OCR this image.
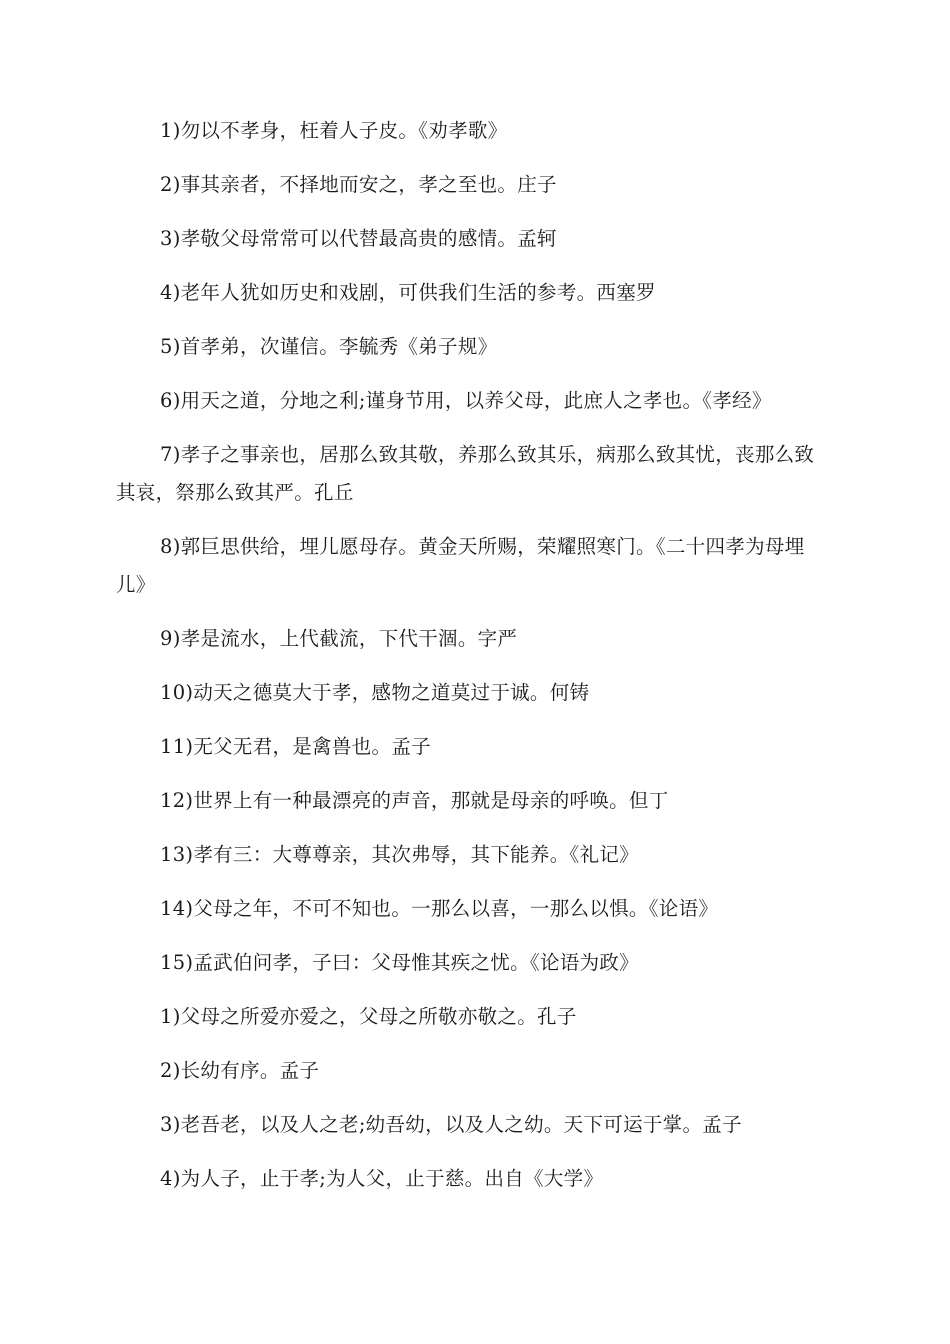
1)勿以不孝身，枉着人子皮。《劝孝歌》

2)事其亲者，不择地而安之，孝之至也。庄子

3)孝敬父母常常可以代替最高贵的感情。孟轲

4)老年人犹如历史和戏剧，可供我们生活的参考。西塞罗

5)首孝弟，次谨信。李毓秀《弟子规》

6)用天之道，分地之利;谨身节用，以养父母，此庶人之孝也。《孝经》

7)孝子之事亲也，居那么致其敬，养那么致其乐，病那么致其忧，丧那么致其哀，祭那么致其严。孔丘

8)郭巨思供给，埋儿愿母存。黄金天所赐，荣耀照寒门。《二十四孝为母埋儿》

9)孝是流水，上代截流，下代干涸。字严

10)动天之德莫大于孝，感物之道莫过于诚。何铸

11)无父无君，是禽兽也。孟子

12)世界上有一种最漂亮的声音，那就是母亲的呼唤。但丁

13)孝有三：大尊尊亲，其次弗辱，其下能养。《礼记》

14)父母之年，不可不知也。一那么以喜，一那么以惧。《论语》

15)孟武伯问孝，子曰：父母惟其疾之忧。《论语为政》

1)父母之所爱亦爱之，父母之所敬亦敬之。孔子

2)长幼有序。孟子

3)老吾老，以及人之老;幼吾幼，以及人之幼。天下可运于掌。孟子

4)为人子，止于孝;为人父，止于慈。出自《大学》
